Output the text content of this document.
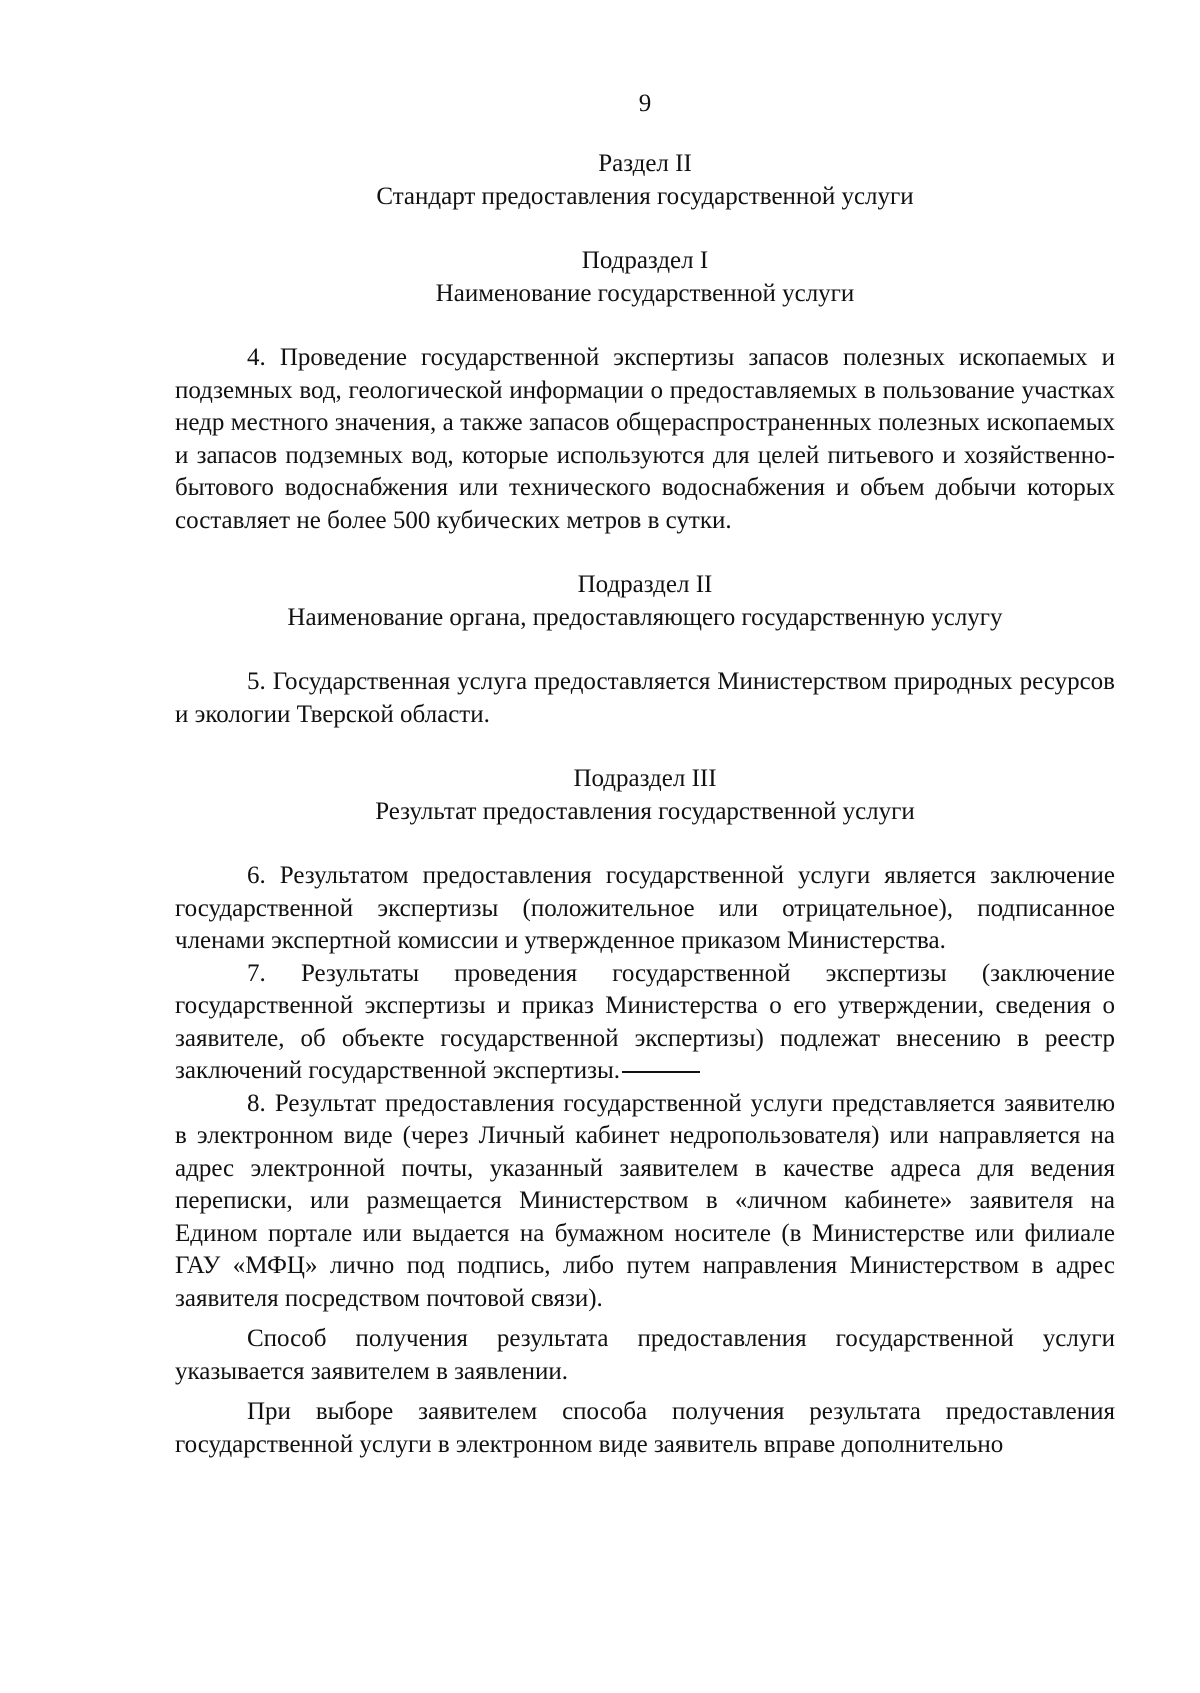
9
Раздел II
Стандарт предоставления государственной услуги
Подраздел I
Наименование государственной услуги

4. Проведение государственной экспертизы запасов полезных ископаемых и подземных вод, геологической информации о предоставляемых в пользование участках недр местного значения, а также запасов общераспространенных полезных ископаемых и запасов подземных вод, которые используются для целей питьевого и хозяйственно-бытового водоснабжения или технического водоснабжения и объем добычи которых составляет не более 500 кубических метров в сутки.

Подраздел II
Наименование органа, предоставляющего государственную услугу

5. Государственная услуга предоставляется Министерством природных ресурсов и экологии Тверской области.

Подраздел III
Результат предоставления государственной услуги

6. Результатом предоставления государственной услуги является заключение государственной экспертизы (положительное или отрицательное), подписанное членами экспертной комиссии и утвержденное приказом Министерства.

7. Результаты проведения государственной экспертизы (заключение государственной экспертизы и приказ Министерства о его утверждении, сведения о заявителе, об объекте государственной экспертизы) подлежат внесению в реестр заключений государственной экспертизы.

8. Результат предоставления государственной услуги представляется заявителю в электронном виде (через Личный кабинет недропользователя) или направляется на адрес электронной почты, указанный заявителем в качестве адреса для ведения переписки, или размещается Министерством в «личном кабинете» заявителя на Едином портале или выдается на бумажном носителе (в Министерстве или филиале ГАУ «МФЦ» лично под подпись, либо путем направления Министерством в адрес заявителя посредством почтовой связи).

Способ получения результата предоставления государственной услуги указывается заявителем в заявлении.

При выборе заявителем способа получения результата предоставления государственной услуги в электронном виде заявитель вправе дополнительно
